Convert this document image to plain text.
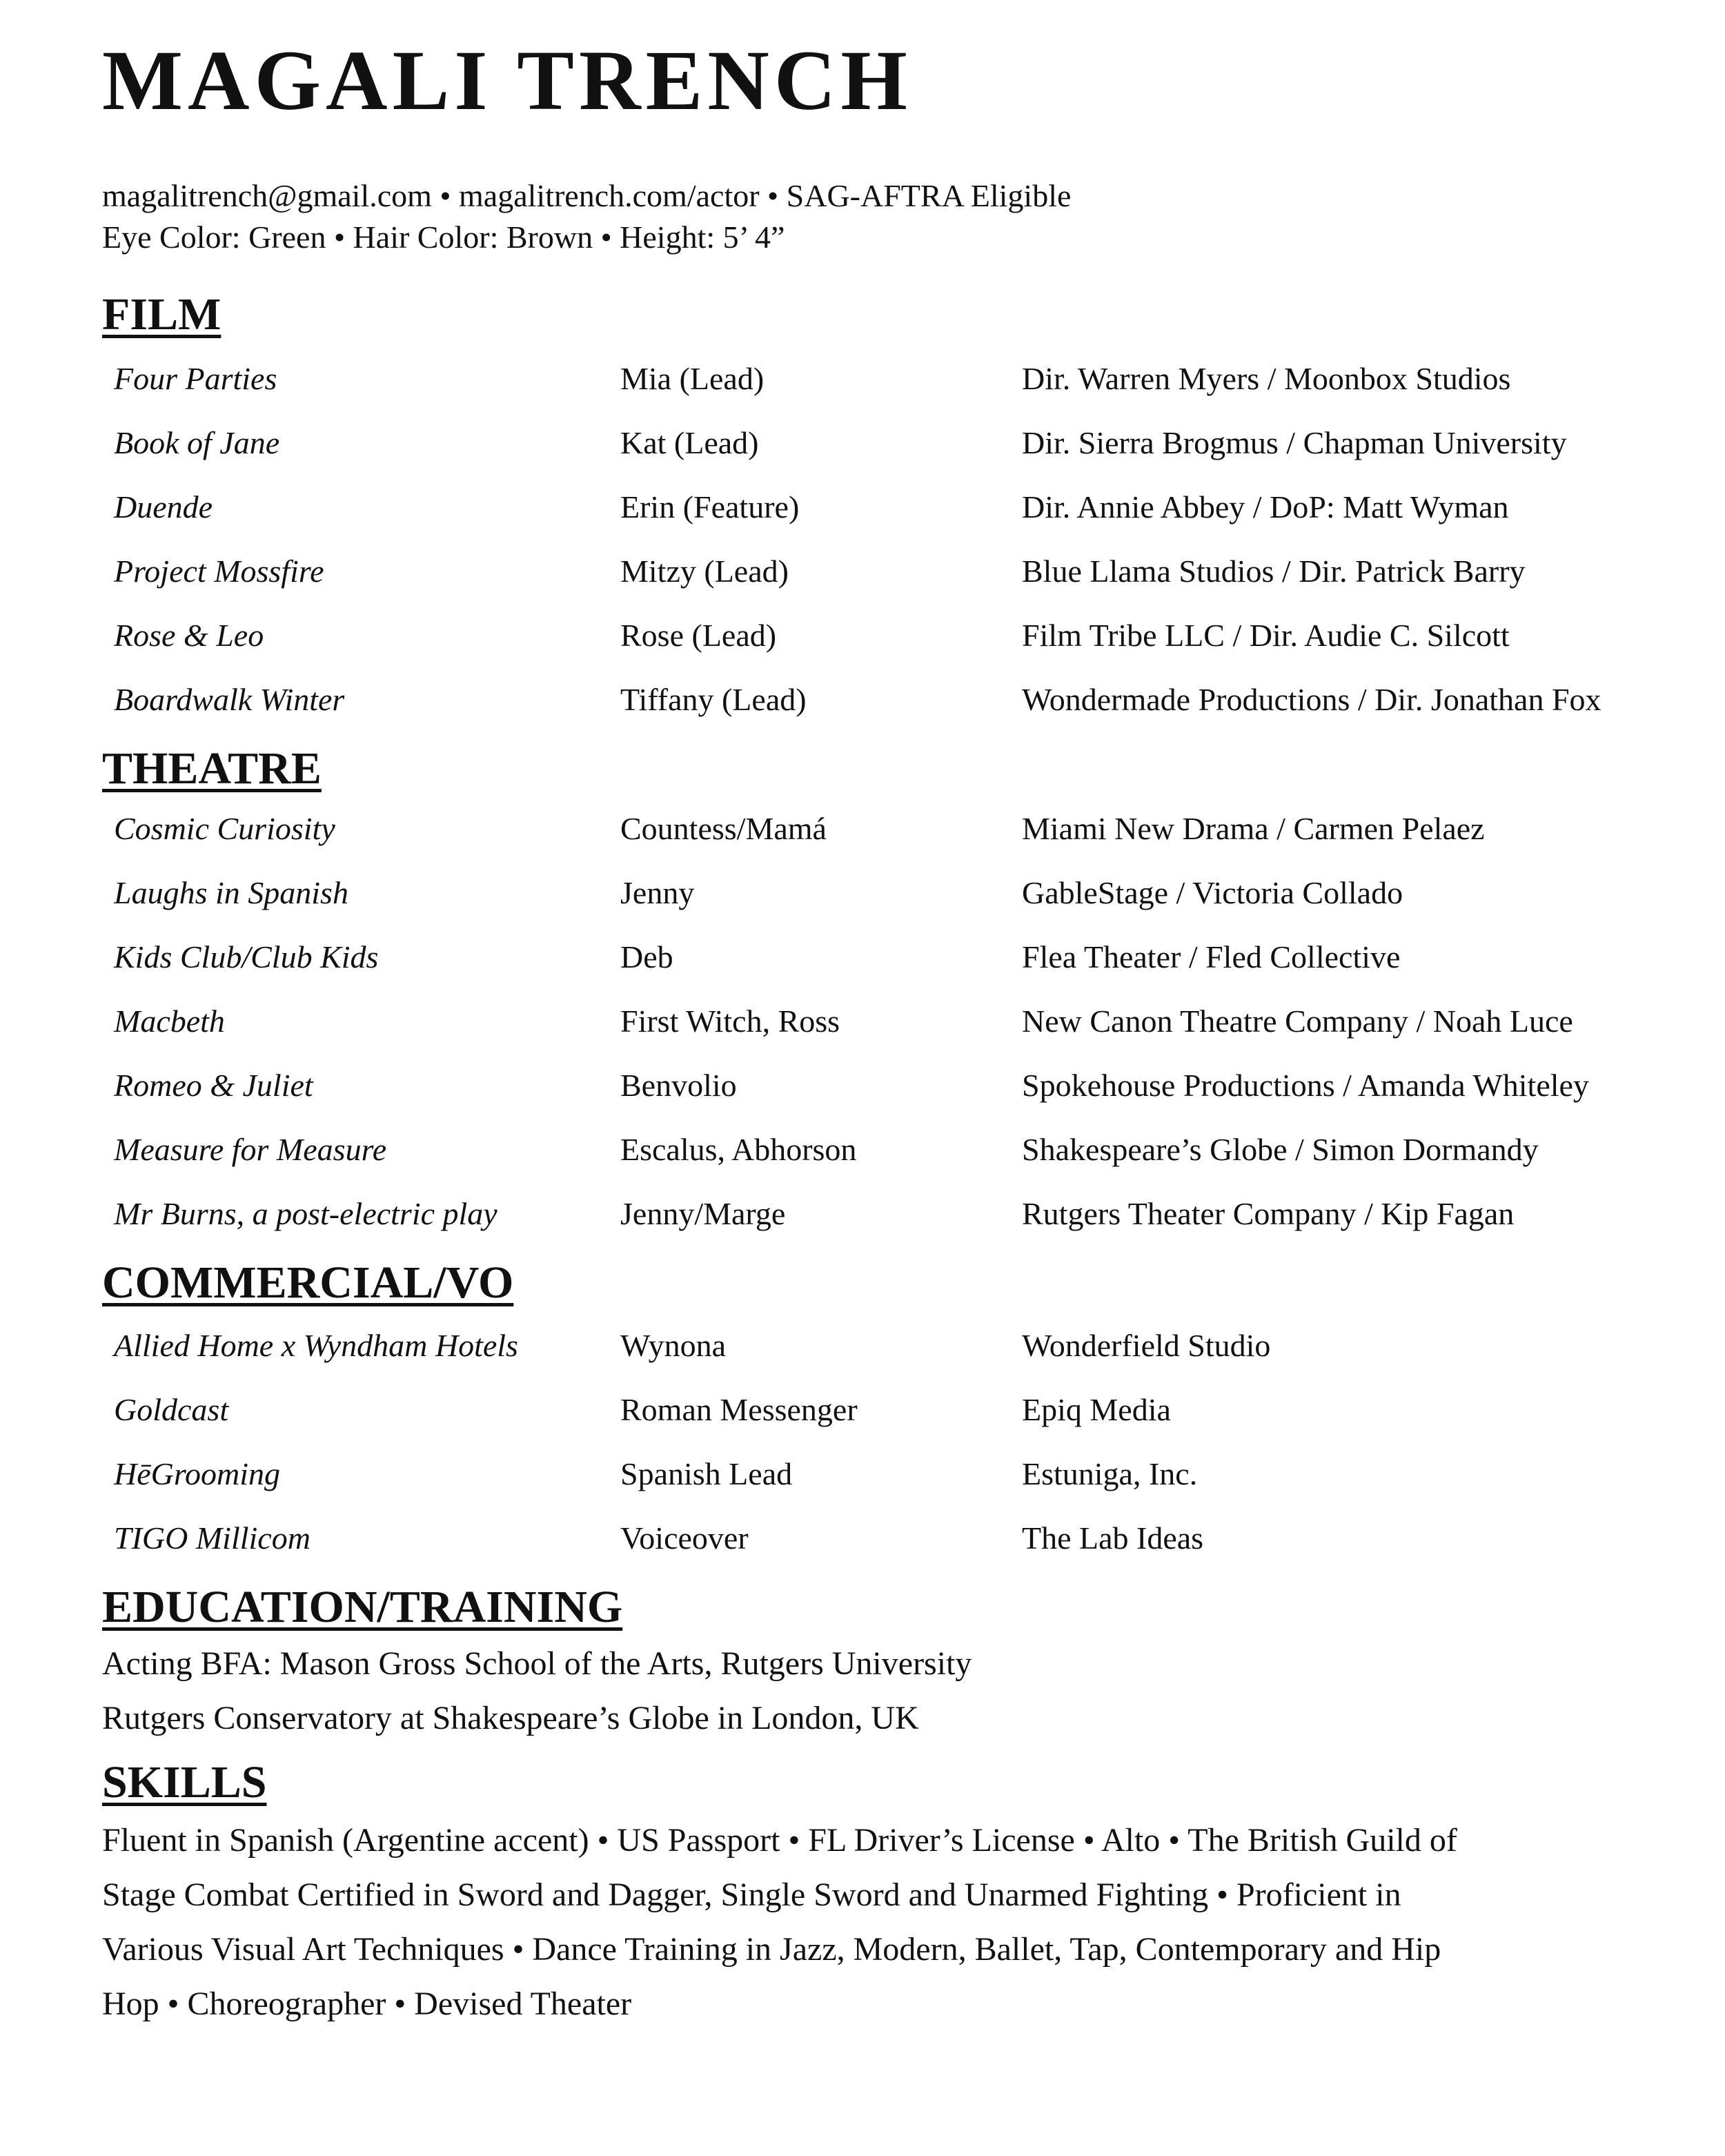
MAGALI TRENCH
magalitrench@gmail.com • magalitrench.com/actor • SAG-AFTRA Eligible
Eye Color: Green • Hair Color: Brown • Height: 5’ 4”
FILM
Four Parties	Mia (Lead)	Dir. Warren Myers / Moonbox Studios
Book of Jane	Kat (Lead)	Dir. Sierra Brogmus / Chapman University
Duende	Erin (Feature)	Dir. Annie Abbey / DoP: Matt Wyman
Project Mossfire	Mitzy (Lead)	Blue Llama Studios / Dir. Patrick Barry
Rose & Leo	Rose (Lead)	Film Tribe LLC / Dir. Audie C. Silcott
Boardwalk Winter	Tiffany (Lead)	Wondermade Productions / Dir. Jonathan Fox
THEATRE
Cosmic Curiosity	Countess/Mamá	Miami New Drama / Carmen Pelaez
Laughs in Spanish	Jenny	GableStage / Victoria Collado
Kids Club/Club Kids	Deb	Flea Theater / Fled Collective
Macbeth	First Witch, Ross	New Canon Theatre Company / Noah Luce
Romeo & Juliet	Benvolio	Spokehouse Productions / Amanda Whiteley
Measure for Measure	Escalus, Abhorson	Shakespeare’s Globe / Simon Dormandy
Mr Burns, a post-electric play	Jenny/Marge	Rutgers Theater Company / Kip Fagan
COMMERCIAL/VO
Allied Home x Wyndham Hotels	Wynona	Wonderfield Studio
Goldcast	Roman Messenger	Epiq Media
HēGrooming	Spanish Lead	Estuniga, Inc.
TIGO Millicom	Voiceover	The Lab Ideas
EDUCATION/TRAINING
Acting BFA: Mason Gross School of the Arts, Rutgers University
Rutgers Conservatory at Shakespeare’s Globe in London, UK
SKILLS
Fluent in Spanish (Argentine accent) • US Passport • FL Driver’s License • Alto • The British Guild of
Stage Combat Certified in Sword and Dagger, Single Sword and Unarmed Fighting • Proficient in
Various Visual Art Techniques • Dance Training in Jazz, Modern, Ballet, Tap, Contemporary and Hip
Hop • Choreographer • Devised Theater
